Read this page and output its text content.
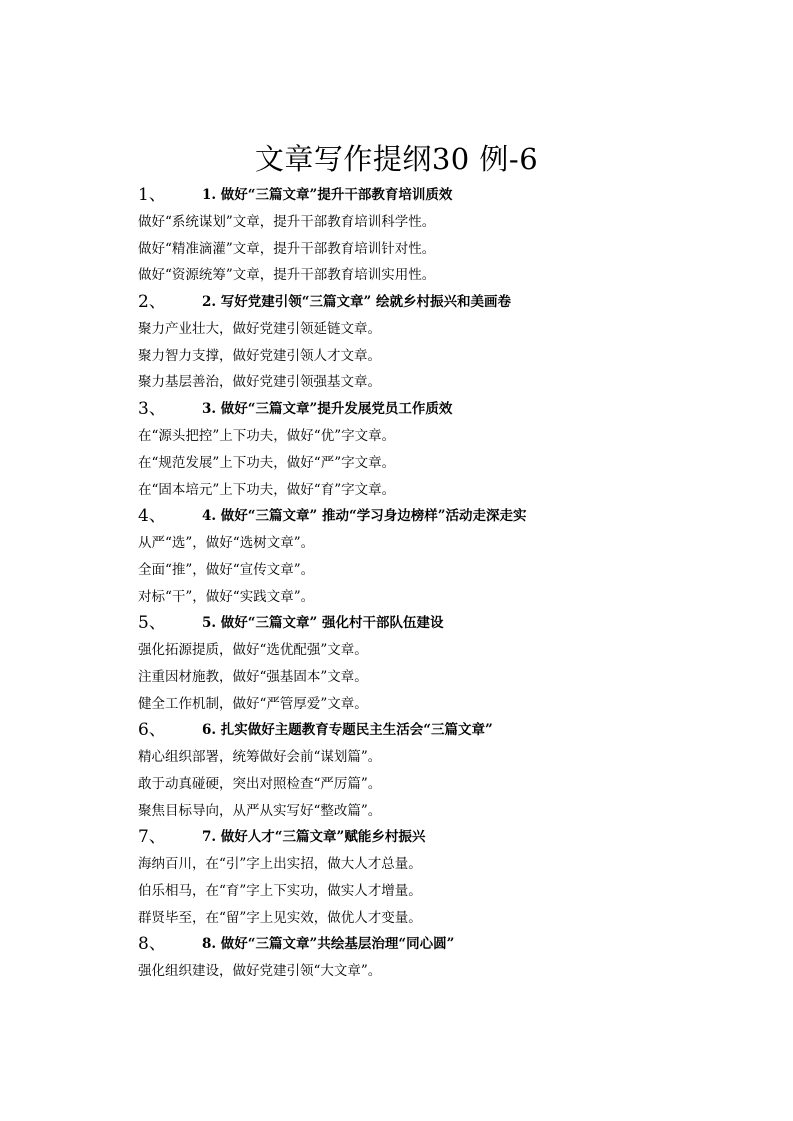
文章写作提纲30 例-6
1、	1. 做好“三篇文章”提升干部教育培训质效
做好“系统谋划”文章，提升干部教育培训科学性。
做好“精准滴灌”文章，提升干部教育培训针对性。
做好“资源统筹”文章，提升干部教育培训实用性。
2、	2. 写好党建引领“三篇文章” 绘就乡村振兴和美画卷
聚力产业壮大，做好党建引领延链文章。
聚力智力支撑，做好党建引领人才文章。
聚力基层善治，做好党建引领强基文章。
3、	3. 做好“三篇文章”提升发展党员工作质效
在“源头把控”上下功夫，做好“优”字文章。
在“规范发展”上下功夫，做好“严”字文章。
在“固本培元”上下功夫，做好“育”字文章。
4、	4. 做好“三篇文章” 推动“学习身边榜样”活动走深走实
从严“选”，做好“选树文章”。
全面“推”，做好“宣传文章”。
对标“干”，做好“实践文章”。
5、	5. 做好“三篇文章” 强化村干部队伍建设
强化拓源提质，做好“选优配强”文章。
注重因材施教，做好“强基固本”文章。
健全工作机制，做好“严管厚爱”文章。
6、	6. 扎实做好主题教育专题民主生活会“三篇文章”
精心组织部署，统筹做好会前“谋划篇”。
敢于动真碰硬，突出对照检查“严厉篇”。
聚焦目标导向，从严从实写好“整改篇”。
7、	7. 做好人才“三篇文章”赋能乡村振兴
海纳百川，在“引”字上出实招，做大人才总量。
伯乐相马，在“育”字上下实功，做实人才增量。
群贤毕至，在“留”字上见实效，做优人才变量。
8、	8. 做好“三篇文章”共绘基层治理“同心圆”
强化组织建设，做好党建引领“大文章”。
